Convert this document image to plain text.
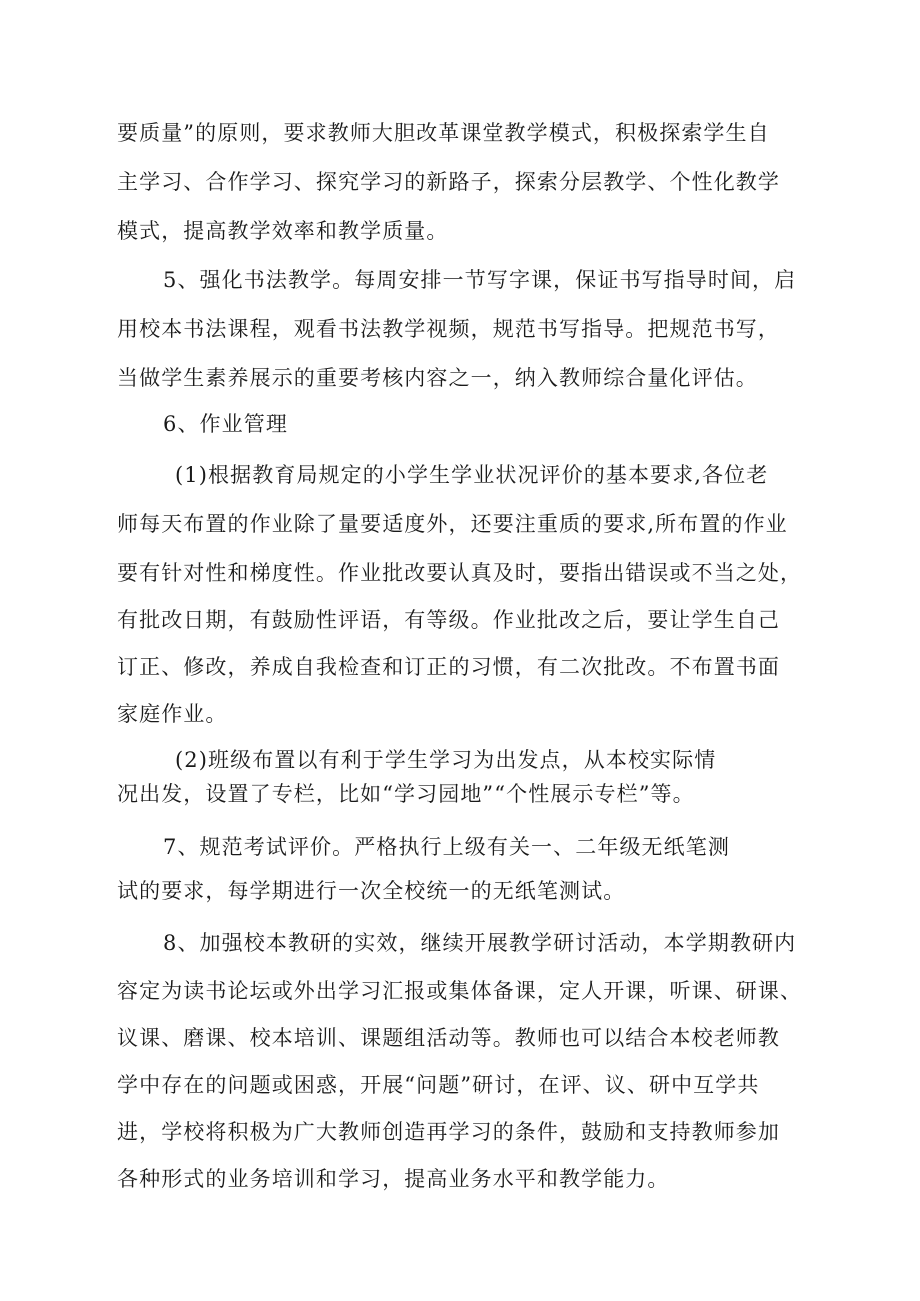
要质量”的原则，要求教师大胆改革课堂教学模式，积极探索学生自
主学习、合作学习、探究学习的新路子，探索分层教学、个性化教学
模式，提高教学效率和教学质量。
5、强化书法教学。每周安排一节写字课，保证书写指导时间，启
用校本书法课程，观看书法教学视频，规范书写指导。把规范书写，
当做学生素养展示的重要考核内容之一，纳入教师综合量化评估。
6、作业管理
(1)根据教育局规定的小学生学业状况评价的基本要求,各位老
师每天布置的作业除了量要适度外，还要注重质的要求,所布置的作业
要有针对性和梯度性。作业批改要认真及时，要指出错误或不当之处，
有批改日期，有鼓励性评语，有等级。作业批改之后，要让学生自己
订正、修改，养成自我检查和订正的习惯，有二次批改。不布置书面
家庭作业。
(2)班级布置以有利于学生学习为出发点，从本校实际情
况出发，设置了专栏，比如“学习园地”“个性展示专栏”等。
7、规范考试评价。严格执行上级有关一、二年级无纸笔测
试的要求，每学期进行一次全校统一的无纸笔测试。
8、加强校本教研的实效，继续开展教学研讨活动，本学期教研内
容定为读书论坛或外出学习汇报或集体备课，定人开课，听课、研课、
议课、磨课、校本培训、课题组活动等。教师也可以结合本校老师教
学中存在的问题或困惑，开展“问题”研讨，在评、议、研中互学共
进，学校将积极为广大教师创造再学习的条件，鼓励和支持教师参加
各种形式的业务培训和学习，提高业务水平和教学能力。
